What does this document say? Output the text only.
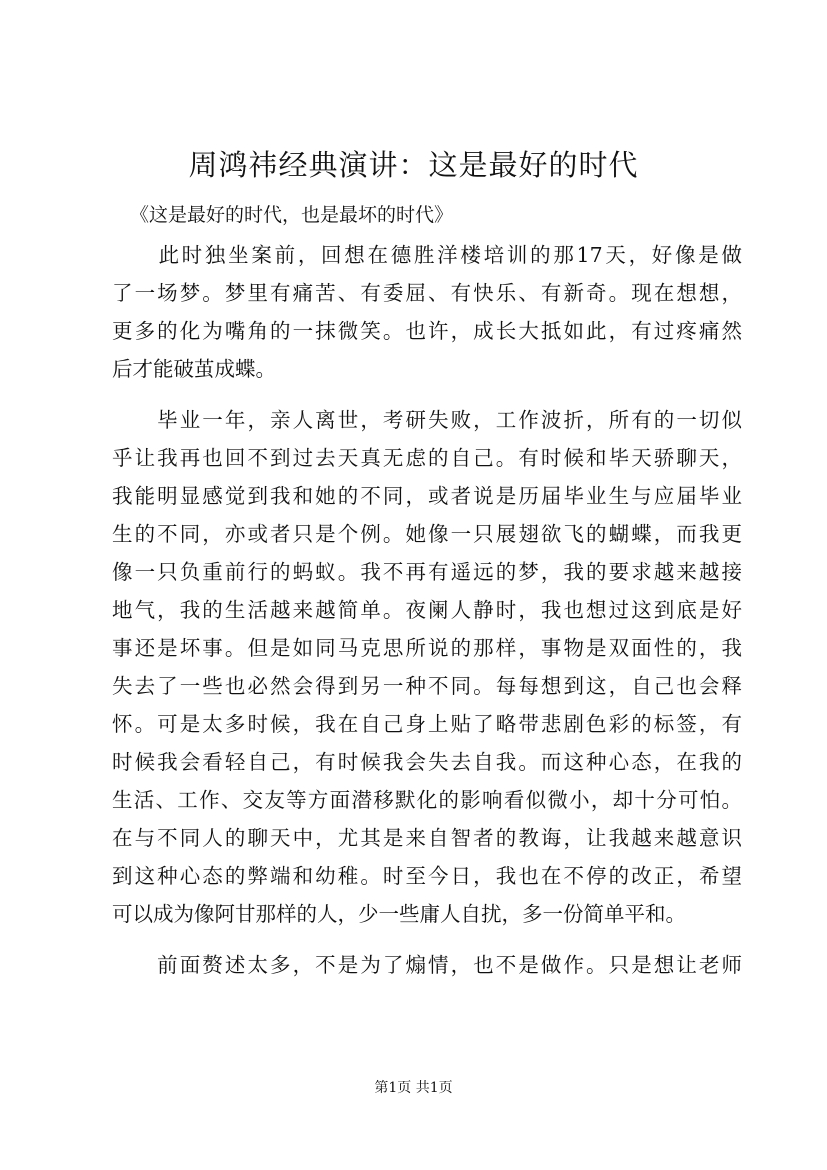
周鸿祎经典演讲：这是最好的时代
《这是最好的时代，也是最坏的时代》
　　此时独坐案前，回想在德胜洋楼培训的那17天，好像是做
了一场梦。梦里有痛苦、有委屈、有快乐、有新奇。现在想想，
更多的化为嘴角的一抹微笑。也许，成长大抵如此，有过疼痛然
后才能破茧成蝶。
　　毕业一年，亲人离世，考研失败，工作波折，所有的一切似
乎让我再也回不到过去天真无虑的自己。有时候和毕天骄聊天，
我能明显感觉到我和她的不同，或者说是历届毕业生与应届毕业
生的不同，亦或者只是个例。她像一只展翅欲飞的蝴蝶，而我更
像一只负重前行的蚂蚁。我不再有遥远的梦，我的要求越来越接
地气，我的生活越来越简单。夜阑人静时，我也想过这到底是好
事还是坏事。但是如同马克思所说的那样，事物是双面性的，我
失去了一些也必然会得到另一种不同。每每想到这，自己也会释
怀。可是太多时候，我在自己身上贴了略带悲剧色彩的标签，有
时候我会看轻自己，有时候我会失去自我。而这种心态，在我的
生活、工作、交友等方面潜移默化的影响看似微小，却十分可怕。
在与不同人的聊天中，尤其是来自智者的教诲，让我越来越意识
到这种心态的弊端和幼稚。时至今日，我也在不停的改正，希望
可以成为像阿甘那样的人，少一些庸人自扰，多一份简单平和。
　　前面赘述太多，不是为了煽情，也不是做作。只是想让老师
第1页 共1页
